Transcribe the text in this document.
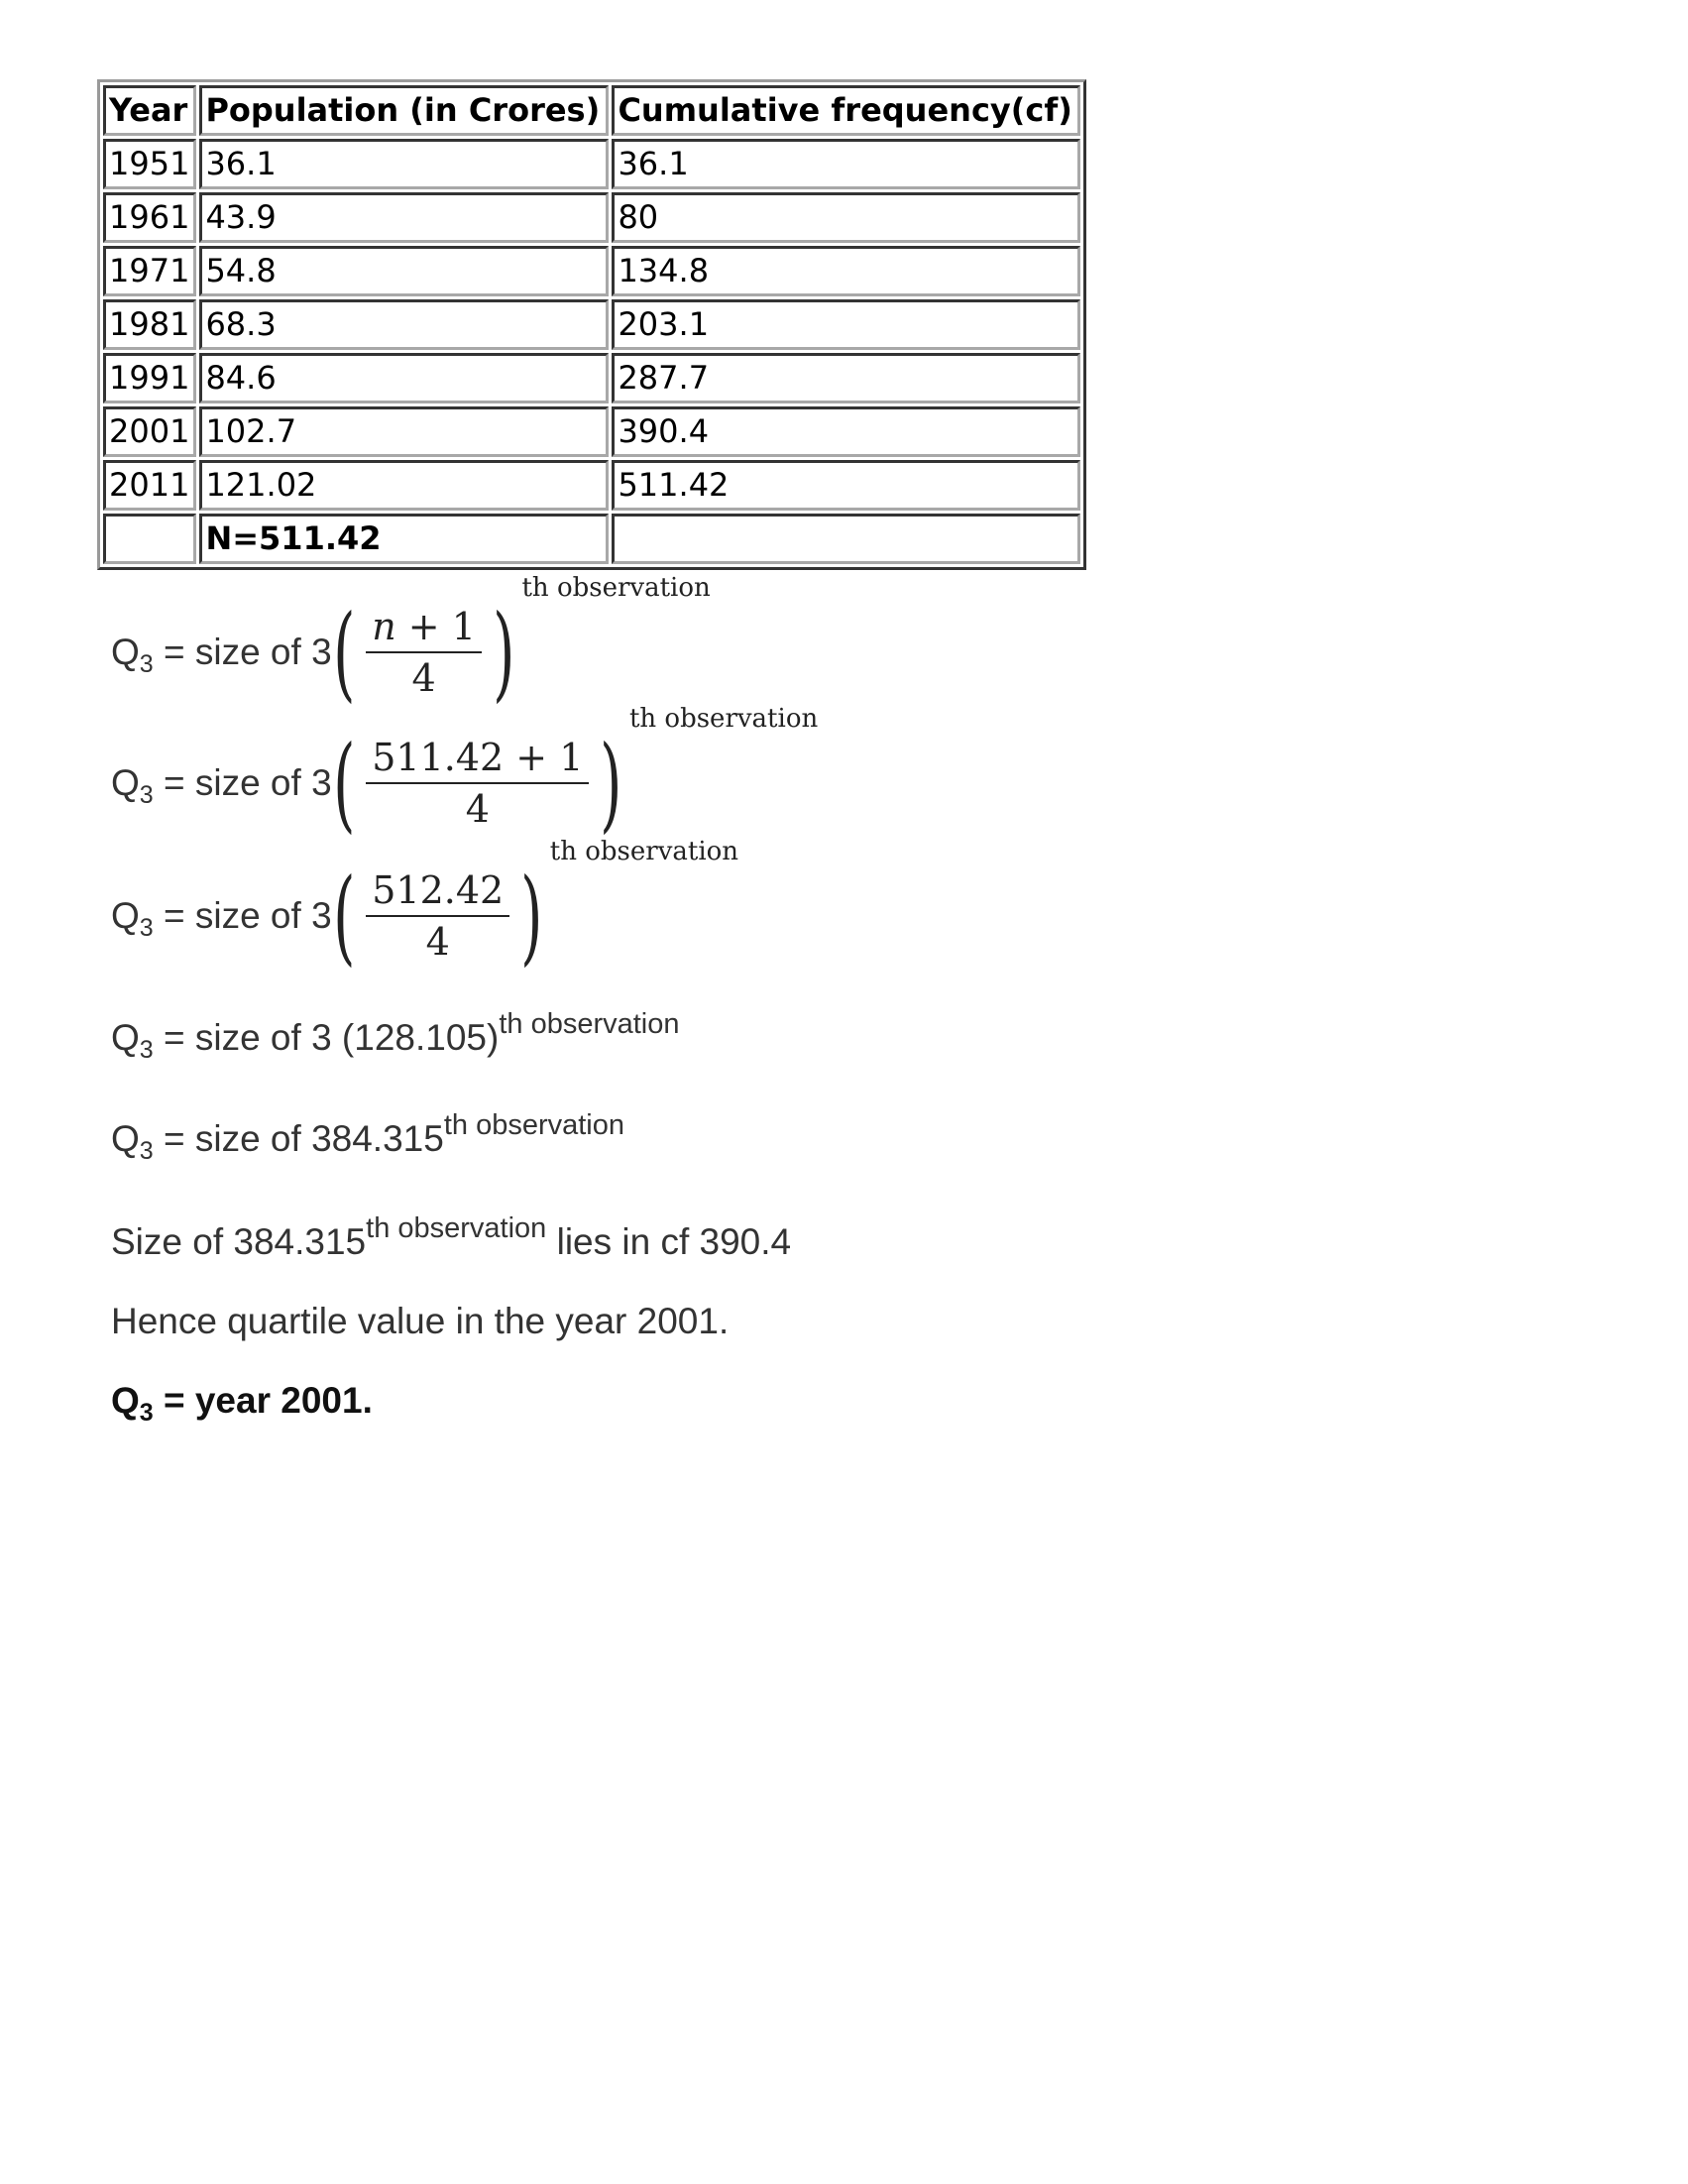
Year	Population (in Crores)	Cumulative frequency(cf)
1951	36.1	36.1
1961	43.9	80
1971	54.8	134.8
1981	68.3	203.1
1991	84.6	287.7
2001	102.7	390.4
2011	121.02	511.42
	N=511.42	
$Q_3$ = size of 3 ( $\frac{n + 1}{4}$ )
th observation
$Q_3$ = size of 3 ( $\frac{511.42 + 1}{4}$ )
th observation
$Q_3$ = size of 3 ( $\frac{512.42}{4}$ )
th observation
$Q_3$ = size of 3 $(128.105)^{th observation}$
$Q_3$ = size of $384.315^{th observation}$
Size of $384.315^{th observation}$ lies in cf 390.4
Hence quartile value in the year 2001.
$Q_3$ = year 2001.
